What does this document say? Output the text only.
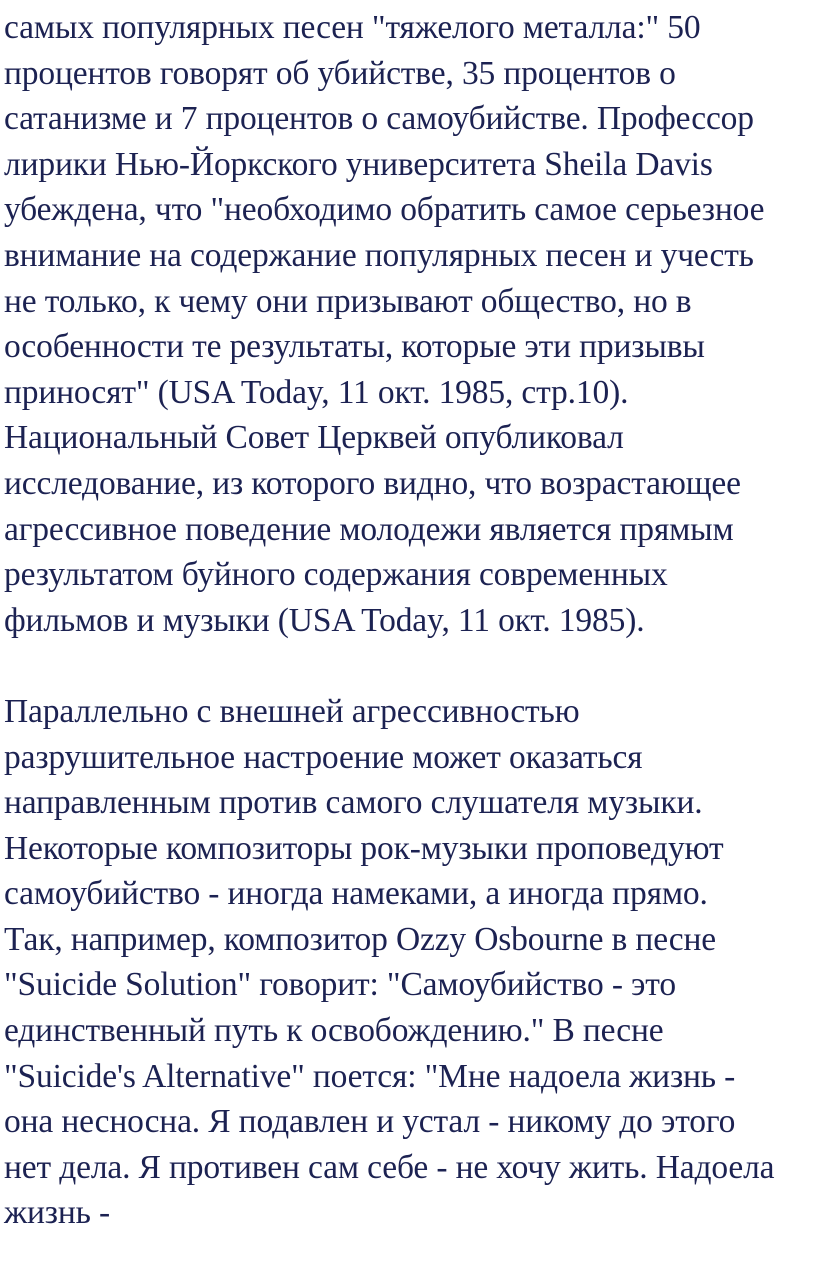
самых популярных песен "тяжелого металла:" 50
процентов говорят об убийстве, 35 процентов о
сатанизме и 7 процентов о самоубийстве. Профессор
лирики Нью-Йоркского университета Sheila Davis
убеждена, что "необходимо обратить самое серьезное
внимание на содержание популярных песен и учесть
не только, к чему они призывают общество, но в
особенности те результаты, которые эти призывы
приносят" (USA Today, 11 окт. 1985, стр.10).
Национальный Совет Церквей опубликовал
исследование, из которого видно, что возрастающее
агрессивное поведение молодежи является прямым
результатом буйного содержания современных
фильмов и музыки (USA Today, 11 окт. 1985).
Параллельно с внешней агрессивностью
разрушительное настроение может оказаться
направленным против самого слушателя музыки.
Некоторые композиторы рок-музыки проповедуют
самоубийство - иногда намеками, а иногда прямо.
Так, например, композитор Ozzy Osbourne в песне
"Suicide Solution" говорит: "Самоубийство - это
единственный путь к освобождению." В песне
"Suicide's Alternative" поется: "Мне надоела жизнь -
она несносна. Я подавлен и устал - никому до этого
нет дела. Я противен сам себе - не хочу жить. Надоела
жизнь -
